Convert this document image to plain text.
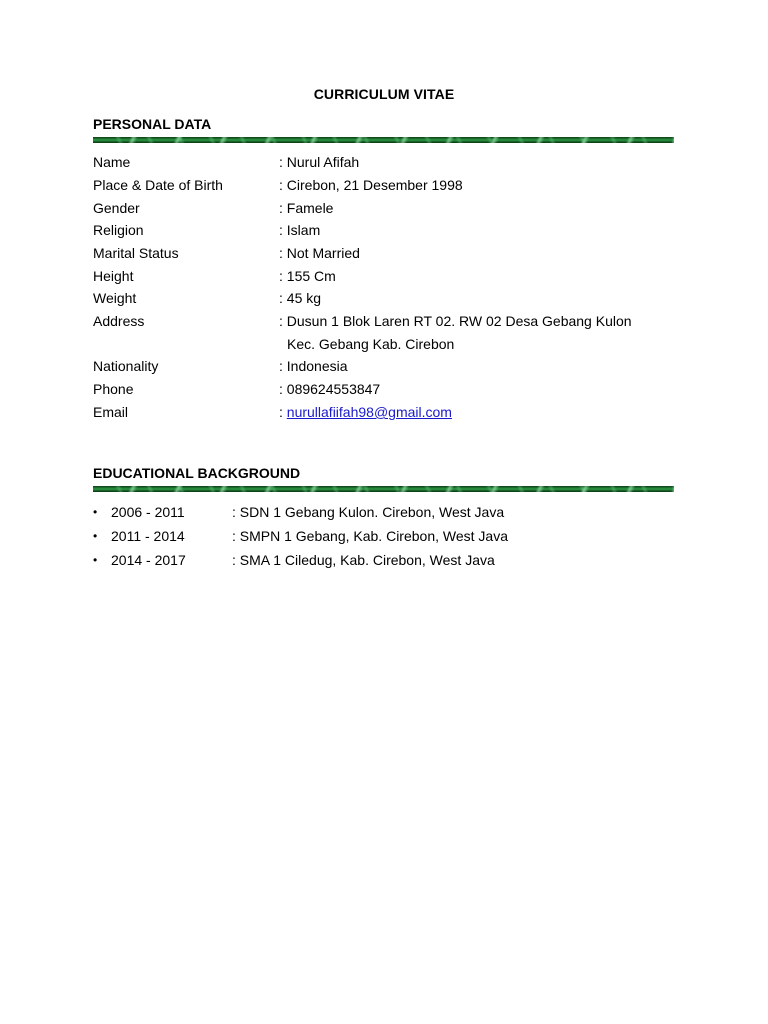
CURRICULUM VITAE
PERSONAL DATA
Name	: Nurul Afifah
Place & Date of Birth	: Cirebon, 21 Desember 1998
Gender	: Famele
Religion	: Islam
Marital Status	: Not Married
Height	: 155 Cm
Weight	: 45 kg
Address	: Dusun 1 Blok Laren RT 02. RW 02 Desa Gebang Kulon
Kec. Gebang Kab. Cirebon
Nationality	: Indonesia
Phone	: 089624553847
Email	: nurullafiifah98@gmail.com
EDUCATIONAL BACKGROUND
• 2006 - 2011	: SDN 1 Gebang Kulon. Cirebon, West Java
• 2011 - 2014	: SMPN 1 Gebang, Kab. Cirebon, West Java
• 2014 - 2017	: SMA 1 Ciledug, Kab. Cirebon, West Java
